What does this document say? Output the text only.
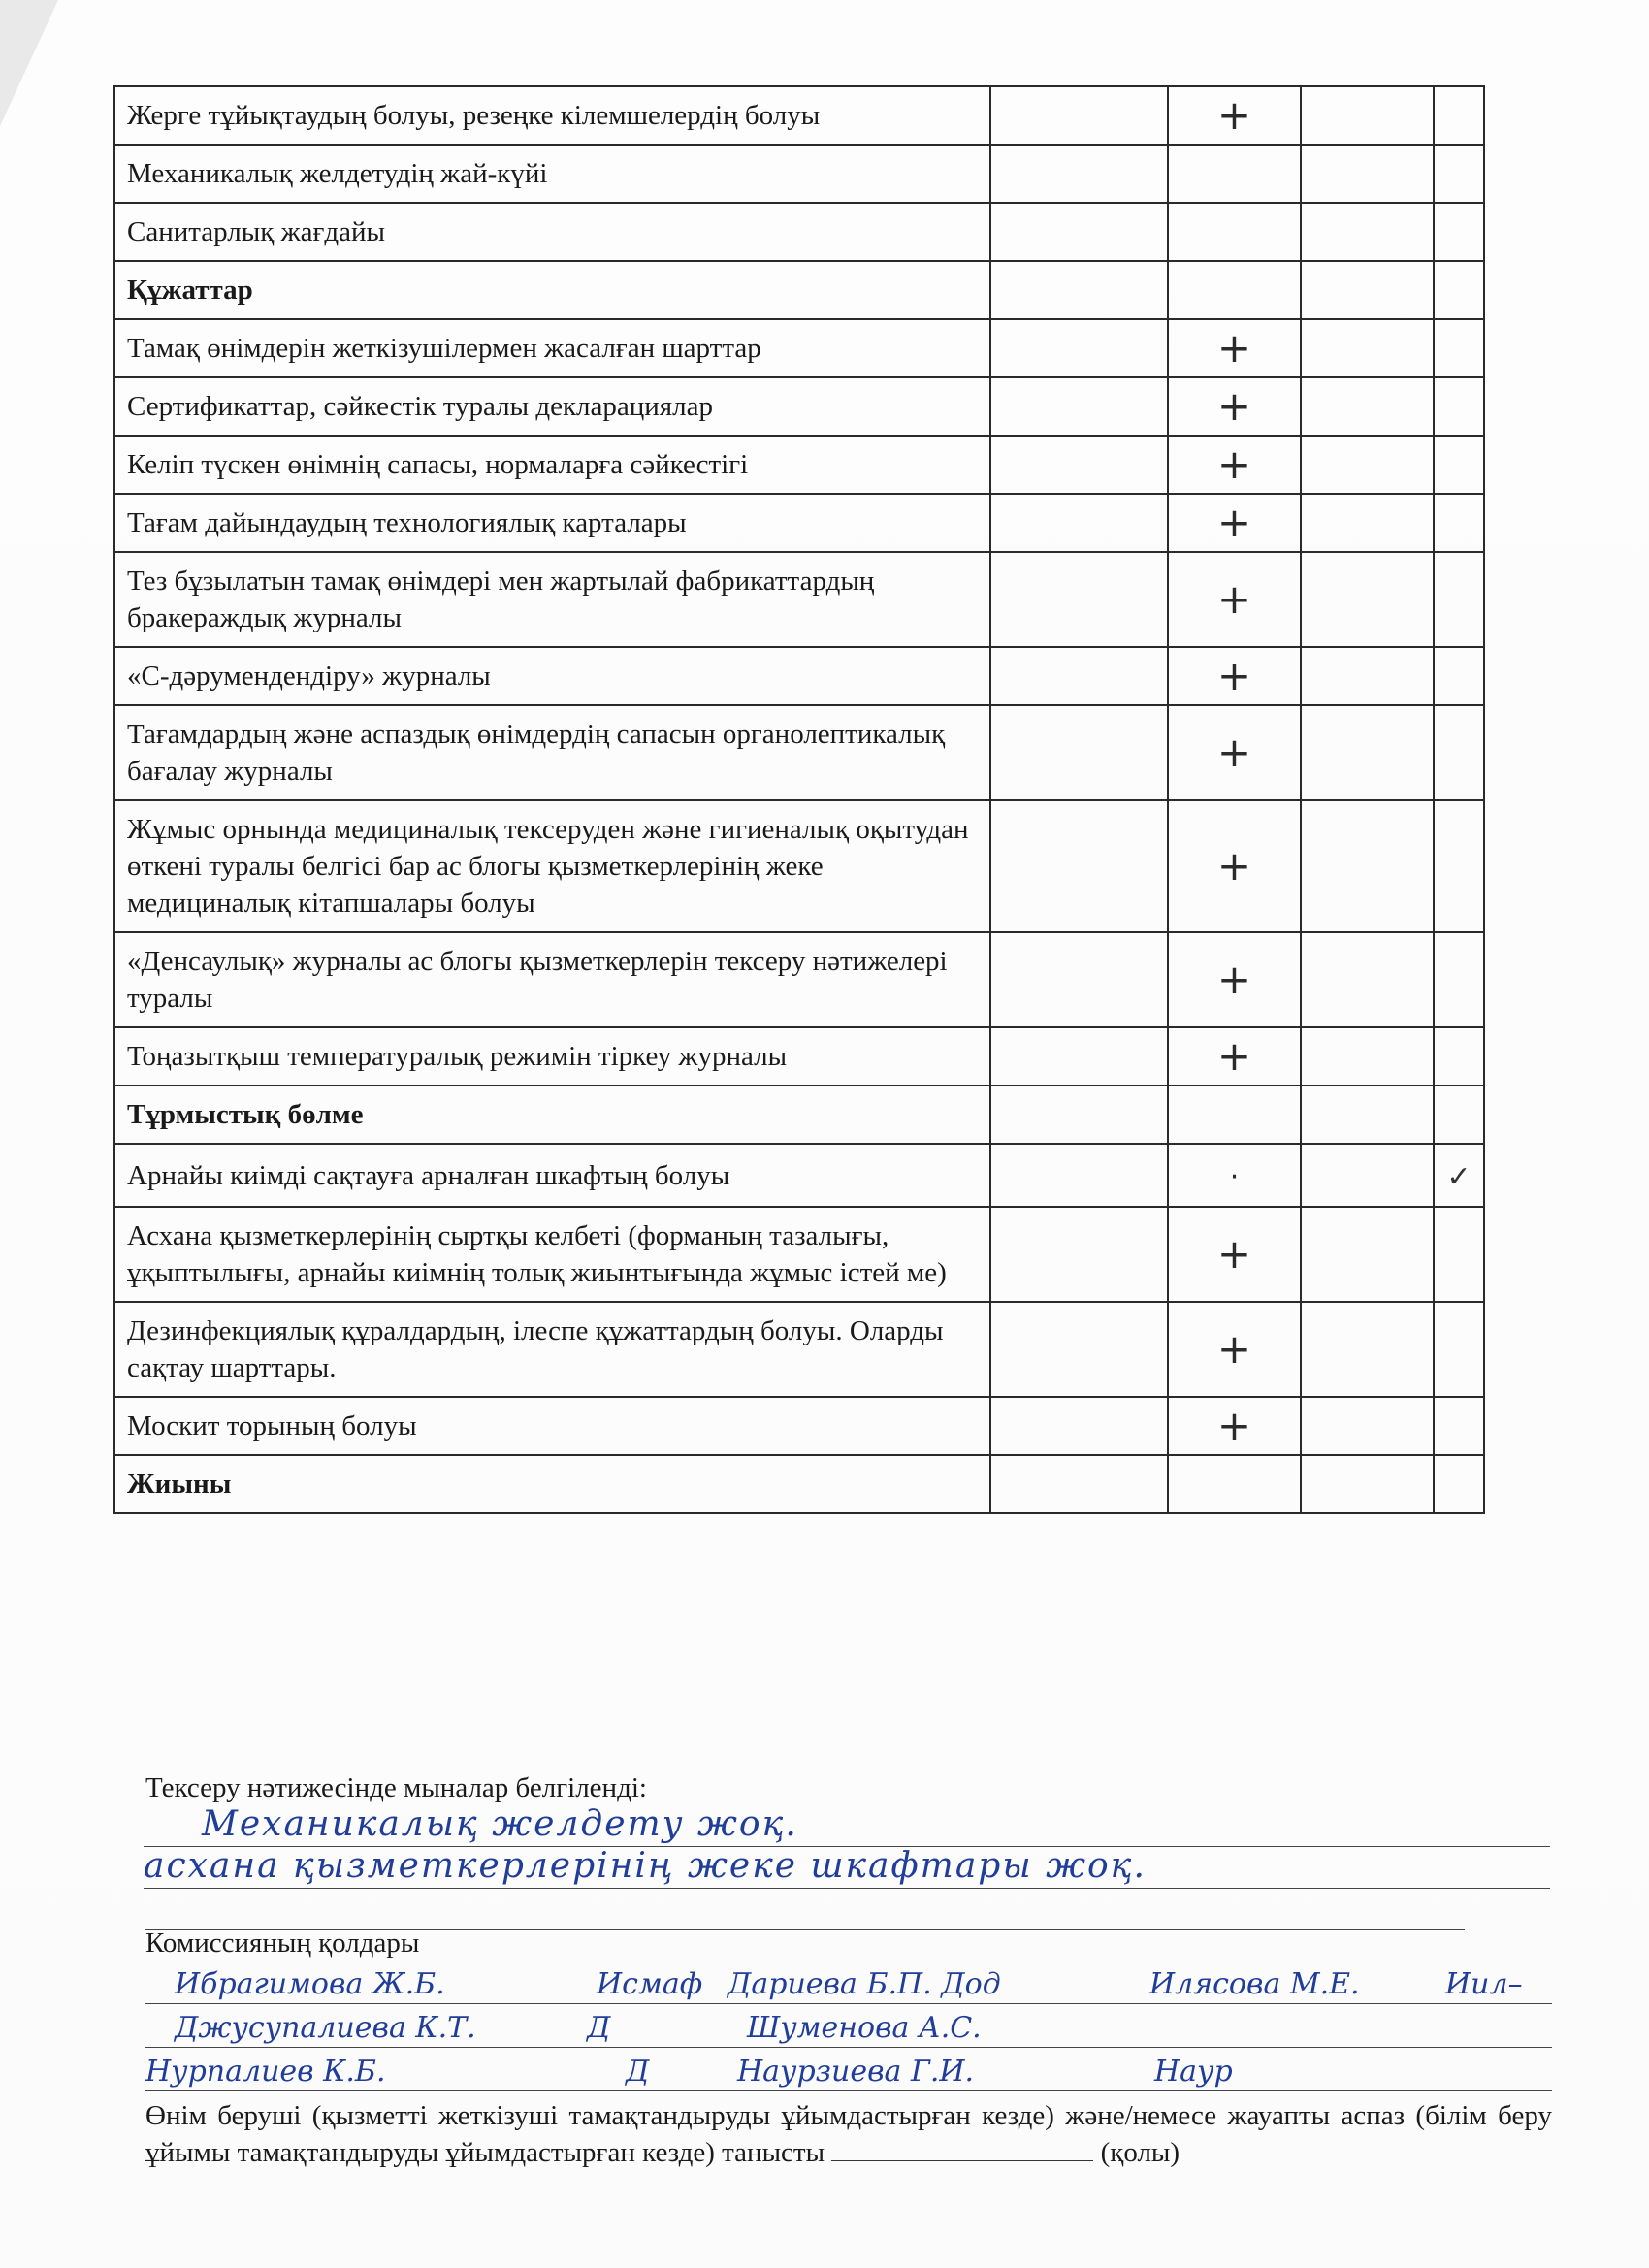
Жерге тұйықтаудың болуы, резеңке кілемшелердің болуы		+		
Механикалық желдетудің жай-күйі				
Санитарлық жағдайы				
Құжаттар				
Тамақ өнімдерін жеткізушілермен жасалған шарттар		+		
Сертификаттар, сәйкестік туралы декларациялар		+		
Келіп түскен өнімнің сапасы, нормаларға сәйкестігі		+		
Тағам дайындаудың технологиялық карталары		+		
Тез бұзылатын тамақ өнімдері мен жартылай фабрикаттардың бракераждық журналы		+		
«С-дәрумендендіру» журналы		+		
Тағамдардың және аспаздық өнімдердің сапасын органолептикалық бағалау журналы		+		
Жұмыс орнында медициналық тексеруден және гигиеналық оқытудан өткені туралы белгісі бар ас блогы қызметкерлерінің жеке медициналық кітапшалары болуы		+		
«Денсаулық» журналы ас блогы қызметкерлерін тексеру нәтижелері туралы		+		
Тоңазытқыш температуралық режимін тіркеу журналы		+		
Тұрмыстық бөлме				
Арнайы киімді сақтауға арналған шкафтың болуы		·		✓
Асхана қызметкерлерінің сыртқы келбеті (форманың тазалығы, ұқыптылығы, арнайы киімнің толық жиынтығында жұмыс істей ме)		+		
Дезинфекциялық құралдардың, ілеспе құжаттардың болуы. Оларды сақтау шарттары.		+		
Москит торының болуы		+		
Жиыны				
Тексеру нәтижесінде мыналар белгіленді:
Механикалық желдету жоқ.
асхана қызметкерлерінің жеке шкафтары жоқ.
Комиссияның қолдары
Ибрагимова Ж.Б.	Исмаф Дариева Б.П. Дод	Илясова М.Е.	Иил–
Джусупалиева К.Т.	Д	Шуменова А.С.
Нурпалиев К.Б.	Д	Наурзиева Г.И.	Наур
Өнім беруші (қызметті жеткізуші тамақтандыруды ұйымдастырған кезде) және/немесе жауапты аспаз (білім беру ұйымы тамақтандыруды ұйымдастырған кезде) танысты	(қолы)
